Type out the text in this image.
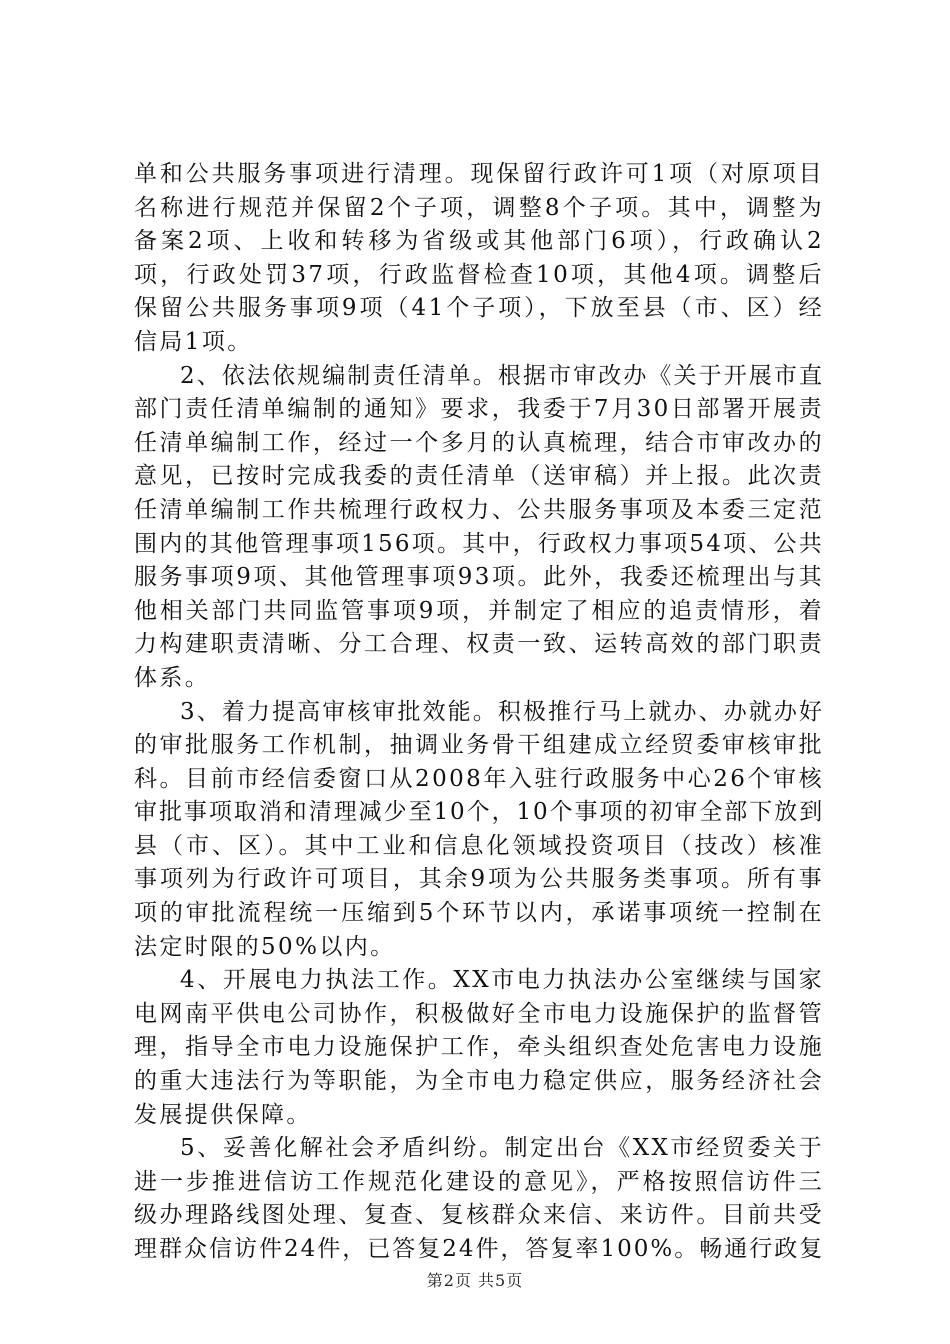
单和公共服务事项进行清理。现保留行政许可1项（对原项目
名称进行规范并保留2个子项，调整8个子项。其中，调整为
备案2项、上收和转移为省级或其他部门6项），行政确认2
项，行政处罚37项，行政监督检查10项，其他4项。调整后
保留公共服务事项9项（41个子项），下放至县（市、区）经
信局1项。
2、依法依规编制责任清单。根据市审改办《关于开展市直
部门责任清单编制的通知》要求，我委于7月30日部署开展责
任清单编制工作，经过一个多月的认真梳理，结合市审改办的
意见，已按时完成我委的责任清单（送审稿）并上报。此次责
任清单编制工作共梳理行政权力、公共服务事项及本委三定范
围内的其他管理事项156项。其中，行政权力事项54项、公共
服务事项9项、其他管理事项93项。此外，我委还梳理出与其
他相关部门共同监管事项9项，并制定了相应的追责情形，着
力构建职责清晰、分工合理、权责一致、运转高效的部门职责
体系。
3、着力提高审核审批效能。积极推行马上就办、办就办好
的审批服务工作机制，抽调业务骨干组建成立经贸委审核审批
科。目前市经信委窗口从2008年入驻行政服务中心26个审核
审批事项取消和清理减少至10个，10个事项的初审全部下放到
县（市、区）。其中工业和信息化领域投资项目（技改）核准
事项列为行政许可项目，其余9项为公共服务类事项。所有事
项的审批流程统一压缩到5个环节以内，承诺事项统一控制在
法定时限的50%以内。
4、开展电力执法工作。XX市电力执法办公室继续与国家
电网南平供电公司协作，积极做好全市电力设施保护的监督管
理，指导全市电力设施保护工作，牵头组织查处危害电力设施
的重大违法行为等职能，为全市电力稳定供应，服务经济社会
发展提供保障。
5、妥善化解社会矛盾纠纷。制定出台《XX市经贸委关于
进一步推进信访工作规范化建设的意见》，严格按照信访件三
级办理路线图处理、复查、复核群众来信、来访件。目前共受
理群众信访件24件，已答复24件，答复率100%。畅通行政复
第2页 共5页
